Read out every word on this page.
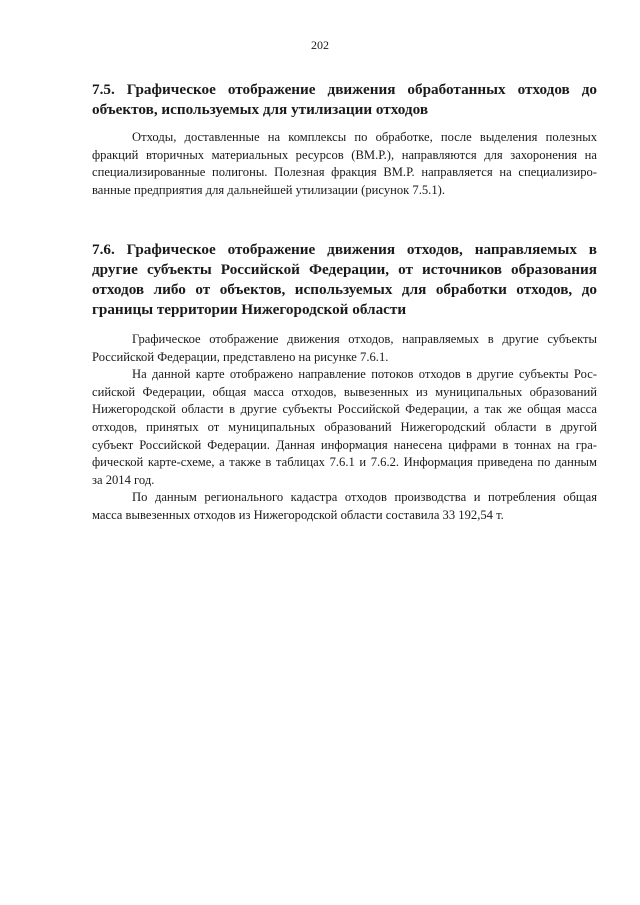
202
7.5. Графическое отображение движения обработанных отходов до
объектов, используемых для утилизации отходов
Отходы, доставленные на комплексы по обработке, после выделения полезных
фракций вторичных материальных ресурсов (ВМ.Р.), направляются для захоронения на
специализированные полигоны. Полезная фракция ВМ.Р. направляется на специализиро-
ванные предприятия для дальнейшей утилизации (рисунок 7.5.1).
7.6. Графическое отображение движения отходов, направляемых в
другие субъекты Российской Федерации, от источников образования
отходов либо от объектов, используемых для обработки отходов, до
границы территории Нижегородской области
Графическое отображение движения отходов, направляемых в другие субъекты
Российской Федерации, представлено на рисунке 7.6.1.
На данной карте отображено направление потоков отходов в другие субъекты Рос-
сийской Федерации, общая масса отходов, вывезенных из муниципальных образований
Нижегородской области в другие субъекты Российской Федерации, а так же общая масса
отходов, принятых от муниципальных образований Нижегородский области в другой
субъект Российской Федерации. Данная информация нанесена цифрами в тоннах на гра-
фической карте-схеме, а также в таблицах 7.6.1 и 7.6.2. Информация приведена по данным
за 2014 год.
По данным регионального кадастра отходов производства и потребления общая
масса вывезенных отходов из Нижегородской области составила 33 192,54 т.
